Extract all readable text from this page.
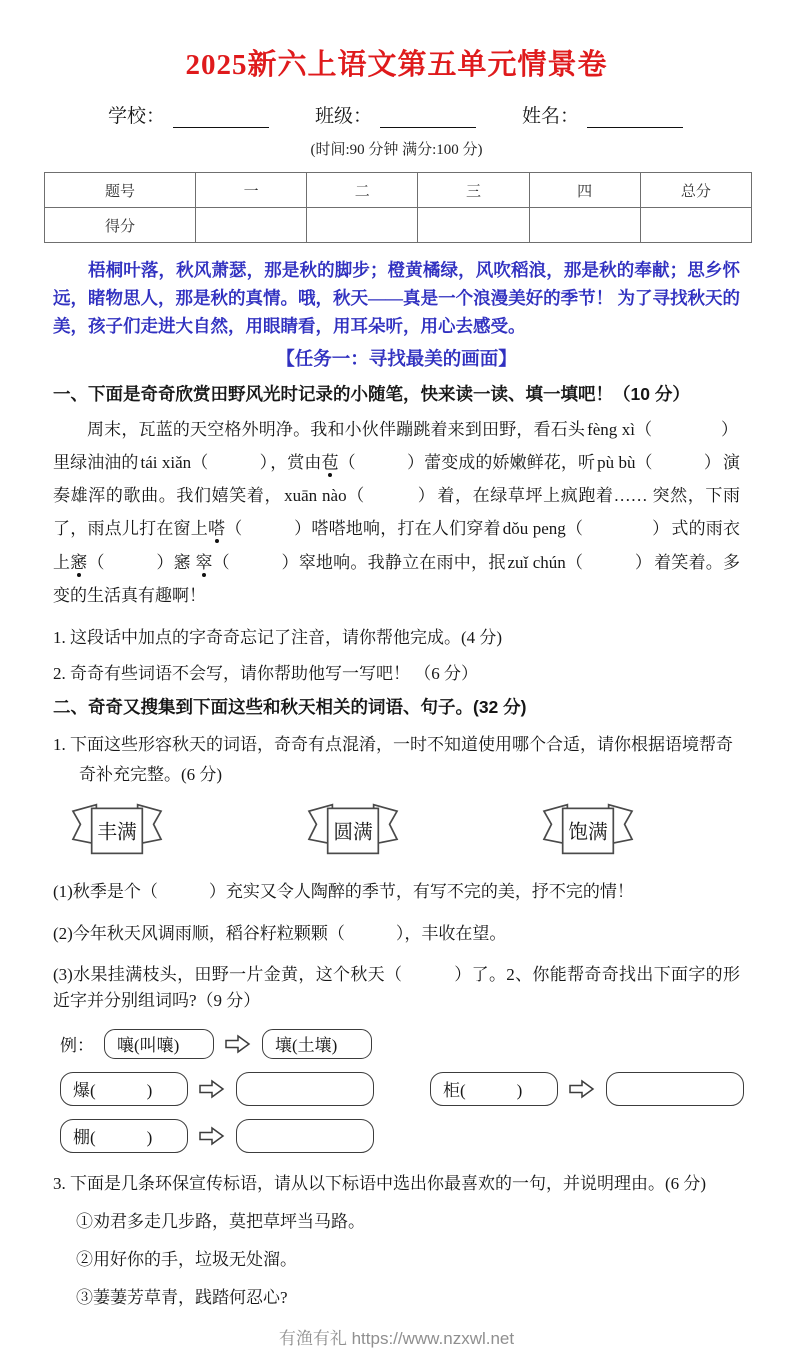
2025新六上语文第五单元情景卷
学校：	班级：	姓名：
(时间:90 分钟 满分:100 分)
题号	一	二	三	四	总分
得分					

梧桐叶落，秋风萧瑟，那是秋的脚步；橙黄橘绿，风吹稻浪，那是秋的奉献；思乡怀远，睹物思人，那是秋的真情。哦，秋天——真是一个浪漫美好的季节！ 为了寻找秋天的美，孩子们走进大自然，用眼睛看，用耳朵听，用心去感受。

【任务一：寻找最美的画面】
一、下面是奇奇欣赏田野风光时记录的小随笔，快来读一读、填一填吧！（10 分）

周末，瓦蓝的天空格外明净。我和小伙伴蹦跳着来到田野，看石头 fèng xì（　　　　）里绿油油的 tái xiǎn（　　　） ，赏由苞（　　　）蕾变成的娇嫩鲜花，听 pù bù（　　　） 演奏雄浑的歌曲。我们嬉笑着， xuān nào（　　　） 着，在绿草坪上疯跑着…… 突然，下雨了，雨点儿打在窗上嗒（　　　）嗒嗒地响，打在人们穿着 dǒu peng（　　　　） 式的雨衣上窸（　　　）窸 窣（　　　）窣地响。我静立在雨中，抿 zuǐ chún（　　　） 着笑着。多变的生活真有趣啊！

1. 这段话中加点的字奇奇忘记了注音，请你帮他完成。(4 分)

2. 奇奇有些词语不会写，请你帮助他写一写吧！ （6 分）

二、奇奇又搜集到下面这些和秋天相关的词语、句子。(32 分)

1. 下面这些形容秋天的词语，奇奇有点混淆，一时不知道使用哪个合适，请你根据语境帮奇奇补充完整。(6 分)

丰满	圆满	饱满

(1)秋季是个（　　　）充实又令人陶醉的季节，有写不完的美，抒不完的情！

(2)今年秋天风调雨顺，稻谷籽粒颗颗（　　　），丰收在望。

(3)水果挂满枝头，田野一片金黄，这个秋天（　　　）了。2、你能帮奇奇找出下面字的形近字并分别组词吗?（9 分）

例：	嚷(叫嚷)	壤(土壤)
爆(　　　)	柜(　　　)
棚(　　　)

3. 下面是几条环保宣传标语，请从以下标语中选出你最喜欢的一句，并说明理由。(6 分)

①劝君多走几步路，莫把草坪当马路。

②用好你的手，垃圾无处溜。

③萋萋芳草青，践踏何忍心?

有渔有礼 https://www.nzxwl.net
